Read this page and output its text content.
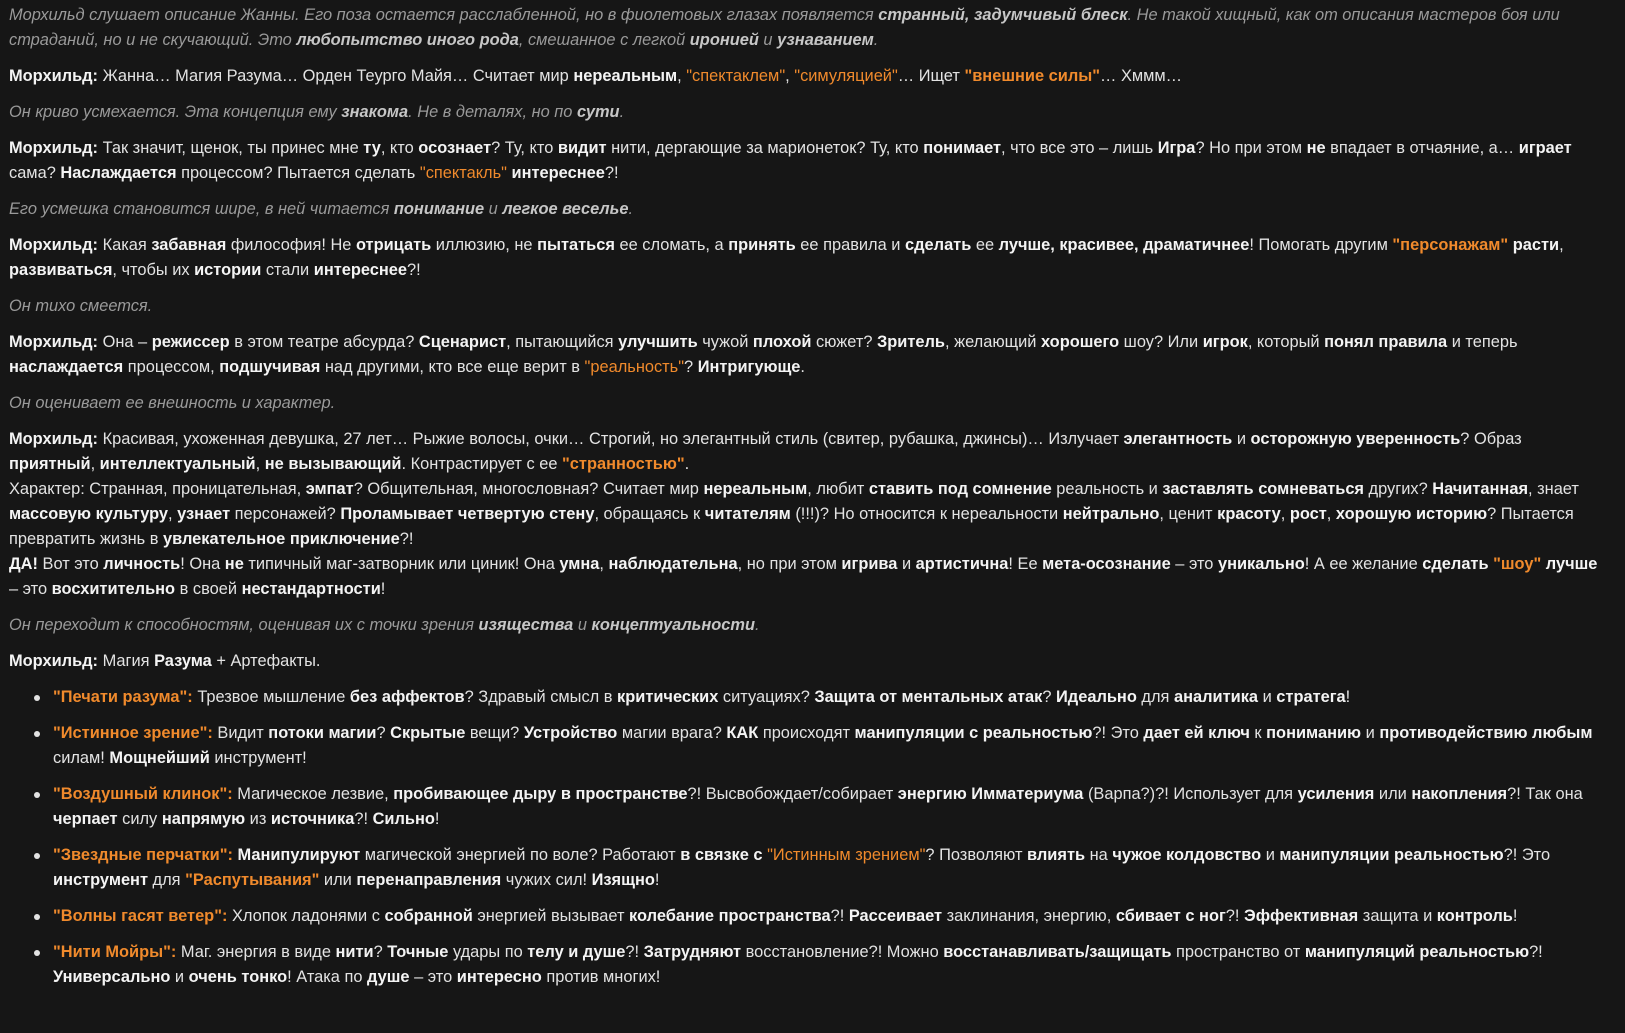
Морхильд слушает описание Жанны. Его поза остается расслабленной, но в фиолетовых глазах появляется странный, задумчивый блеск. Не такой хищный, как от описания мастеров боя или страданий, но и не скучающий. Это любопытство иного рода, смешанное с легкой иронией и узнаванием.
Морхильд: Жанна… Магия Разума… Орден Теурго Майя… Считает мир нереальным, "спектаклем", "симуляцией"… Ищет "внешние силы"… Хммм…
Он криво усмехается. Эта концепция ему знакома. Не в деталях, но по сути.
Морхильд: Так значит, щенок, ты принес мне ту, кто осознает? Ту, кто видит нити, дергающие за марионеток? Ту, кто понимает, что все это – лишь Игра? Но при этом не впадает в отчаяние, а… играет сама? Наслаждается процессом? Пытается сделать "спектакль" интереснее?!
Его усмешка становится шире, в ней читается понимание и легкое веселье.
Морхильд: Какая забавная философия! Не отрицать иллюзию, не пытаться ее сломать, а принять ее правила и сделать ее лучше, красивее, драматичнее! Помогать другим "персонажам" расти, развиваться, чтобы их истории стали интереснее?!
Он тихо смеется.
Морхильд: Она – режиссер в этом театре абсурда? Сценарист, пытающийся улучшить чужой плохой сюжет? Зритель, желающий хорошего шоу? Или игрок, который понял правила и теперь наслаждается процессом, подшучивая над другими, кто все еще верит в "реальность"? Интригующе.
Он оценивает ее внешность и характер.
Морхильд: Красивая, ухоженная девушка, 27 лет… Рыжие волосы, очки… Строгий, но элегантный стиль (свитер, рубашка, джинсы)… Излучает элегантность и осторожную уверенность? Образ приятный, интеллектуальный, не вызывающий. Контрастирует с ее "странностью".
Характер: Странная, проницательная, эмпат? Общительная, многословная? Считает мир нереальным, любит ставить под сомнение реальность и заставлять сомневаться других? Начитанная, знает массовую культуру, узнает персонажей? Проламывает четвертую стену, обращаясь к читателям (!!!)? Но относится к нереальности нейтрально, ценит красоту, рост, хорошую историю? Пытается превратить жизнь в увлекательное приключение?!
ДА! Вот это личность! Она не типичный маг-затворник или циник! Она умна, наблюдательна, но при этом игрива и артистична! Ее мета-осознание – это уникально! А ее желание сделать "шоу" лучше – это восхитительно в своей нестандартности!
Он переходит к способностям, оценивая их с точки зрения изящества и концептуальности.
Морхильд: Магия Разума + Артефакты.
"Печати разума": Трезвое мышление без аффектов? Здравый смысл в критических ситуациях? Защита от ментальных атак? Идеально для аналитика и стратега!
"Истинное зрение": Видит потоки магии? Скрытые вещи? Устройство магии врага? КАК происходят манипуляции с реальностью?! Это дает ей ключ к пониманию и противодействию любым силам! Мощнейший инструмент!
"Воздушный клинок": Магическое лезвие, пробивающее дыру в пространстве?! Высвобождает/собирает энергию Имматериума (Варпа?)?! Использует для усиления или накопления?! Так она черпает силу напрямую из источника?! Сильно!
"Звездные перчатки": Манипулируют магической энергией по воле? Работают в связке с "Истинным зрением"? Позволяют влиять на чужое колдовство и манипуляции реальностью?! Это инструмент для "Распутывания" или перенаправления чужих сил! Изящно!
"Волны гасят ветер": Хлопок ладонями с собранной энергией вызывает колебание пространства?! Рассеивает заклинания, энергию, сбивает с ног?! Эффективная защита и контроль!
"Нити Мойры": Маг. энергия в виде нити? Точные удары по телу и душе?! Затрудняют восстановление?! Можно восстанавливать/защищать пространство от манипуляций реальностью?! Универсально и очень тонко! Атака по душе – это интересно против многих!
